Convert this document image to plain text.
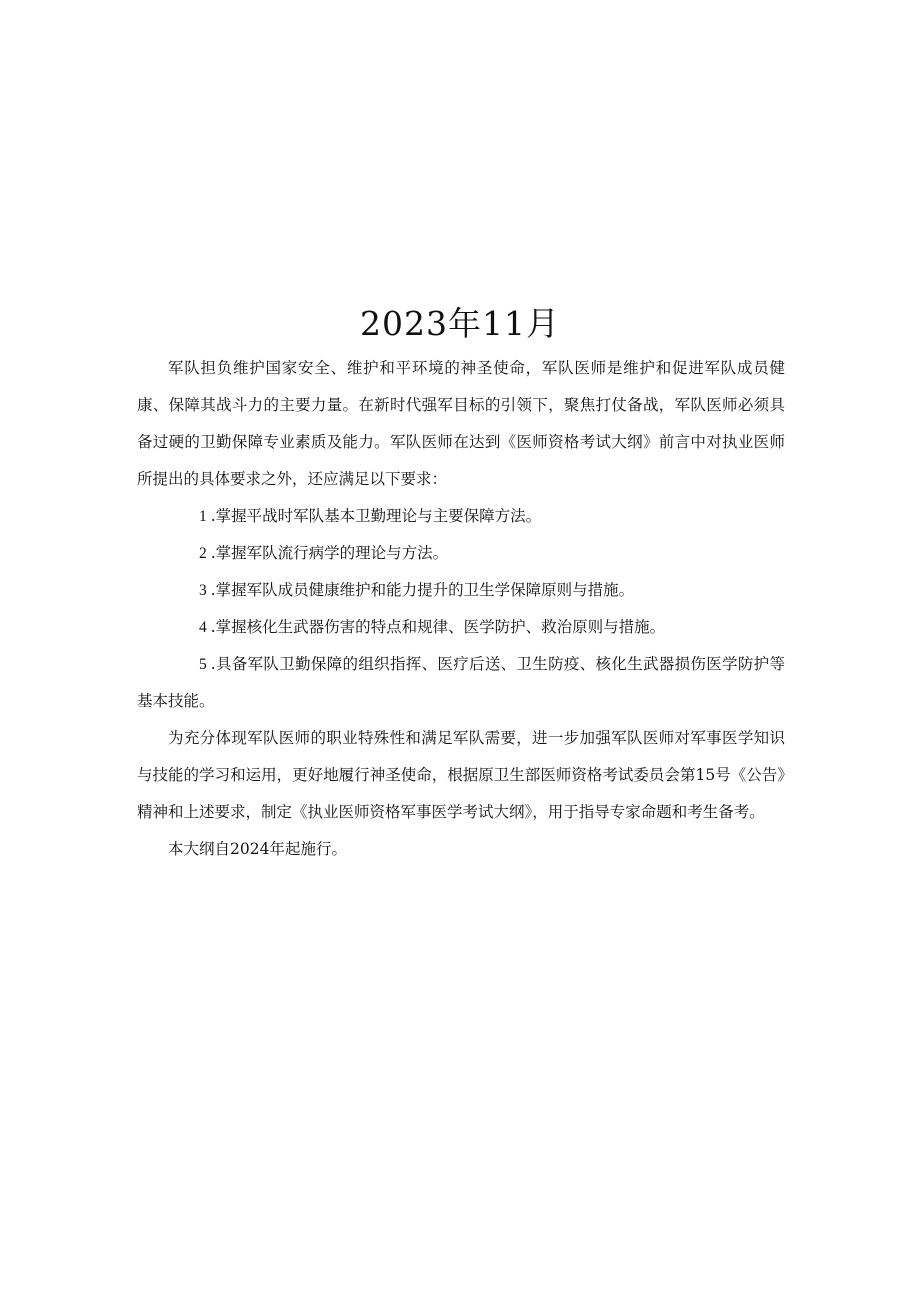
2023年11月

军队担负维护国家安全、维护和平环境的神圣使命，军队医师是维护和促进军队成员健康、保障其战斗力的主要力量。在新时代强军目标的引领下，聚焦打仗备战，军队医师必须具备过硬的卫勤保障专业素质及能力。军队医师在达到《医师资格考试大纲》前言中对执业医师所提出的具体要求之外，还应满足以下要求：

1 .掌握平战时军队基本卫勤理论与主要保障方法。

2 .掌握军队流行病学的理论与方法。

3 .掌握军队成员健康维护和能力提升的卫生学保障原则与措施。

4 .掌握核化生武器伤害的特点和规律、医学防护、救治原则与措施。

5 .具备军队卫勤保障的组织指挥、医疗后送、卫生防疫、核化生武器损伤医学防护等基本技能。

为充分体现军队医师的职业特殊性和满足军队需要，进一步加强军队医师对军事医学知识与技能的学习和运用，更好地履行神圣使命，根据原卫生部医师资格考试委员会第15号《公告》精神和上述要求，制定《执业医师资格军事医学考试大纲》，用于指导专家命题和考生备考。

本大纲自2024年起施行。
